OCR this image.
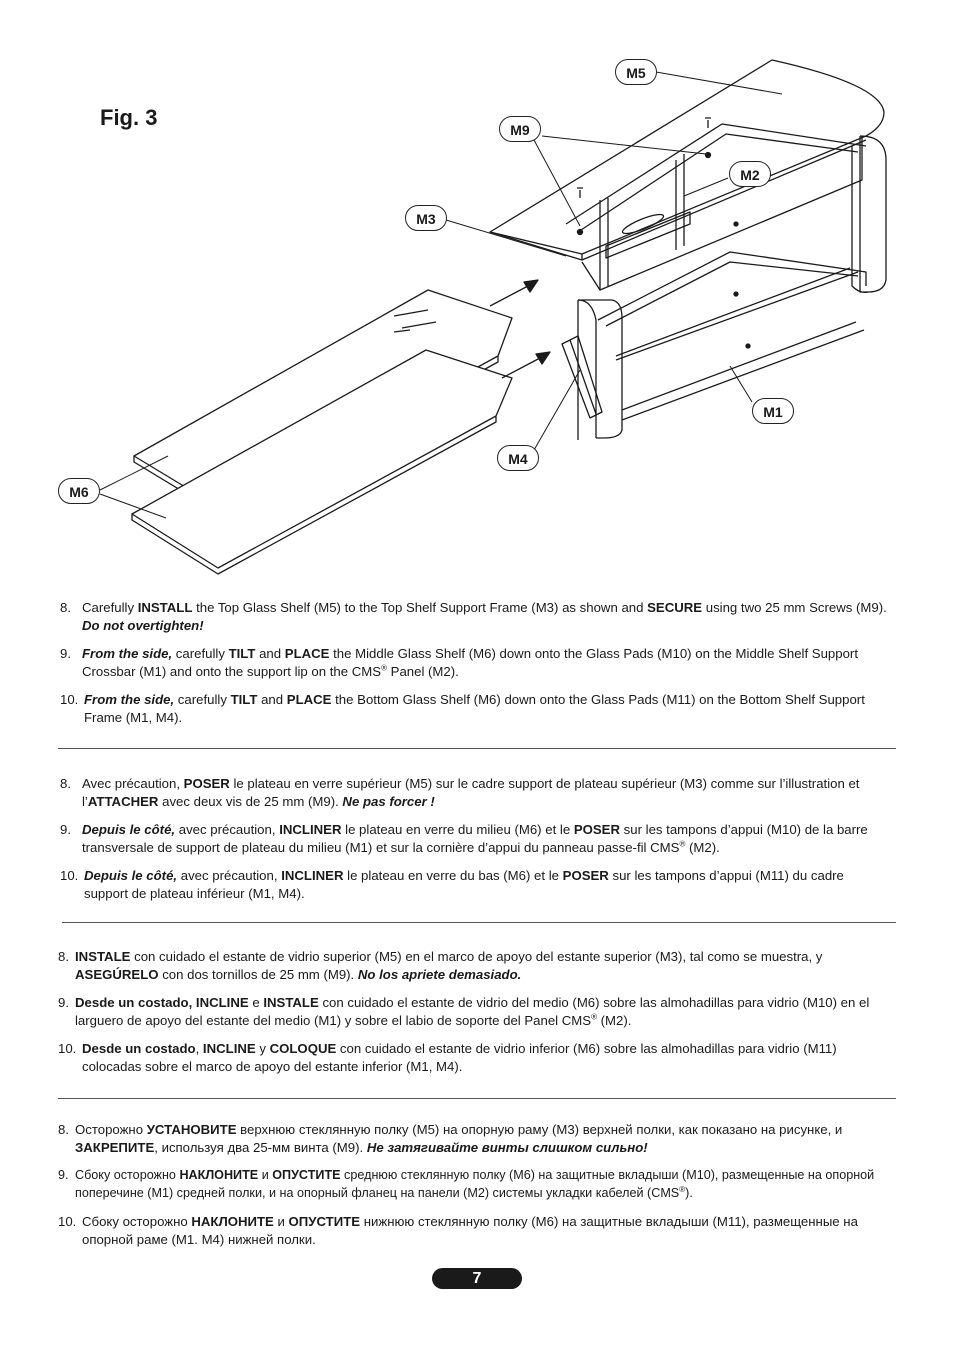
Fig. 3
M5
M9
M2
M3
M1
M4
M6
8. Carefully INSTALL the Top Glass Shelf (M5) to the Top Shelf Support Frame (M3) as shown and SECURE using two 25 mm Screws (M9). Do not overtighten!
9. From the side, carefully TILT and PLACE the Middle Glass Shelf (M6) down onto the Glass Pads (M10) on the Middle Shelf Support Crossbar (M1) and onto the support lip on the CMS® Panel (M2).
10. From the side, carefully TILT and PLACE the Bottom Glass Shelf (M6) down onto the Glass Pads (M11) on the Bottom Shelf Support Frame (M1, M4).
8. Avec précaution, POSER le plateau en verre supérieur (M5) sur le cadre support de plateau supérieur (M3) comme sur l’illustration et l’ATTACHER avec deux vis de 25 mm (M9). Ne pas forcer !
9. Depuis le côté, avec précaution, INCLINER le plateau en verre du milieu (M6) et le POSER sur les tampons d’appui (M10) de la barre transversale de support de plateau du milieu (M1) et sur la cornière d’appui du panneau passe-fil CMS® (M2).
10. Depuis le côté, avec précaution, INCLINER le plateau en verre du bas (M6) et le POSER sur les tampons d’appui (M11) du cadre support de plateau inférieur (M1, M4).
8. INSTALE con cuidado el estante de vidrio superior (M5) en el marco de apoyo del estante superior (M3), tal como se muestra, y ASEGÚRELO con dos tornillos de 25 mm (M9). No los apriete demasiado.
9. Desde un costado, INCLINE e INSTALE con cuidado el estante de vidrio del medio (M6) sobre las almohadillas para vidrio (M10) en el larguero de apoyo del estante del medio (M1) y sobre el labio de soporte del Panel CMS® (M2).
10. Desde un costado, INCLINE y COLOQUE con cuidado el estante de vidrio inferior (M6) sobre las almohadillas para vidrio (M11) colocadas sobre el marco de apoyo del estante inferior (M1, M4).
8. Осторожно УСТАНОВИТЕ верхнюю стеклянную полку (M5) на опорную раму (M3) верхней полки, как показано на рисунке, и ЗАКРЕПИТЕ, используя два 25-мм винта (M9). Не затягивайте винты слишком сильно!
9. Сбоку осторожно НАКЛОНИТЕ и ОПУСТИТЕ среднюю стеклянную полку (M6) на защитные вкладыши (M10), размещенные на опорной поперечине (M1) средней полки, и на опорный фланец на панели (M2) системы укладки кабелей (CMS®).
10. Сбоку осторожно НАКЛОНИТЕ и ОПУСТИТЕ нижнюю стеклянную полку (M6) на защитные вкладыши (M11), размещенные на опорной раме (M1. M4) нижней полки.
7
